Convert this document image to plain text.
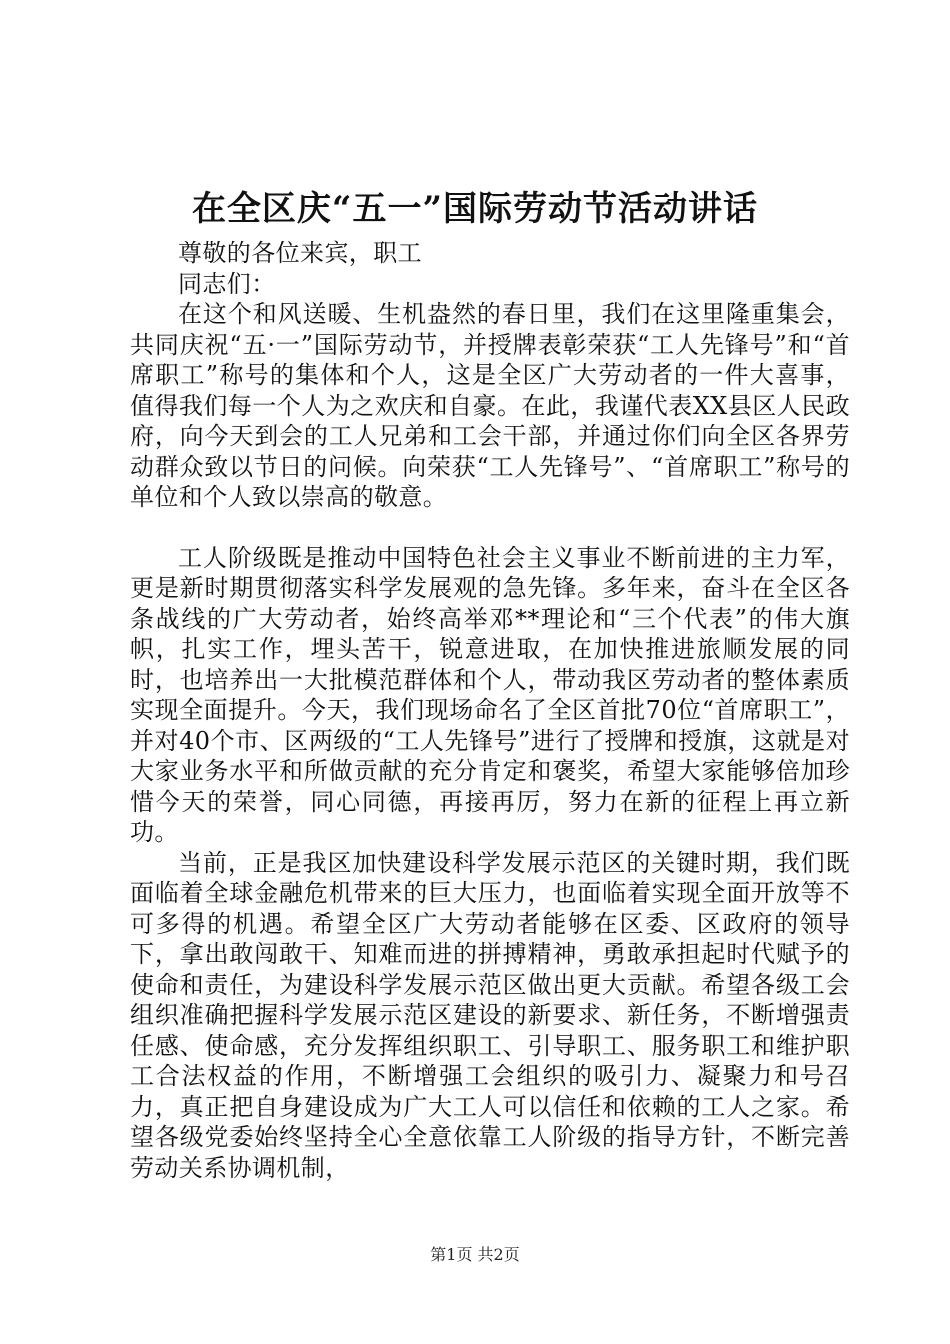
在全区庆“五一”国际劳动节活动讲话

尊敬的各位来宾，职工

同志们：

在这个和风送暖、生机盎然的春日里，我们在这里隆重集会，共同庆祝“五·一”国际劳动节，并授牌表彰荣获“工人先锋号”和“首席职工”称号的集体和个人，这是全区广大劳动者的一件大喜事，值得我们每一个人为之欢庆和自豪。在此，我谨代表XX县区人民政府，向今天到会的工人兄弟和工会干部，并通过你们向全区各界劳动群众致以节日的问候。向荣获“工人先锋号”、“首席职工”称号的单位和个人致以崇高的敬意。

工人阶级既是推动中国特色社会主义事业不断前进的主力军，更是新时期贯彻落实科学发展观的急先锋。多年来，奋斗在全区各条战线的广大劳动者，始终高举邓**理论和“三个代表”的伟大旗帜，扎实工作，埋头苦干，锐意进取，在加快推进旅顺发展的同时，也培养出一大批模范群体和个人，带动我区劳动者的整体素质实现全面提升。今天，我们现场命名了全区首批70位“首席职工”，并对40个市、区两级的“工人先锋号”进行了授牌和授旗，这就是对大家业务水平和所做贡献的充分肯定和褒奖，希望大家能够倍加珍惜今天的荣誉，同心同德，再接再厉，努力在新的征程上再立新功。

当前，正是我区加快建设科学发展示范区的关键时期，我们既面临着全球金融危机带来的巨大压力，也面临着实现全面开放等不可多得的机遇。希望全区广大劳动者能够在区委、区政府的领导下，拿出敢闯敢干、知难而进的拼搏精神，勇敢承担起时代赋予的使命和责任，为建设科学发展示范区做出更大贡献。希望各级工会组织准确把握科学发展示范区建设的新要求、新任务，不断增强责任感、使命感，充分发挥组织职工、引导职工、服务职工和维护职工合法权益的作用，不断增强工会组织的吸引力、凝聚力和号召力，真正把自身建设成为广大工人可以信任和依赖的工人之家。希望各级党委始终坚持全心全意依靠工人阶级的指导方针，不断完善劳动关系协调机制，

第1页 共2页
